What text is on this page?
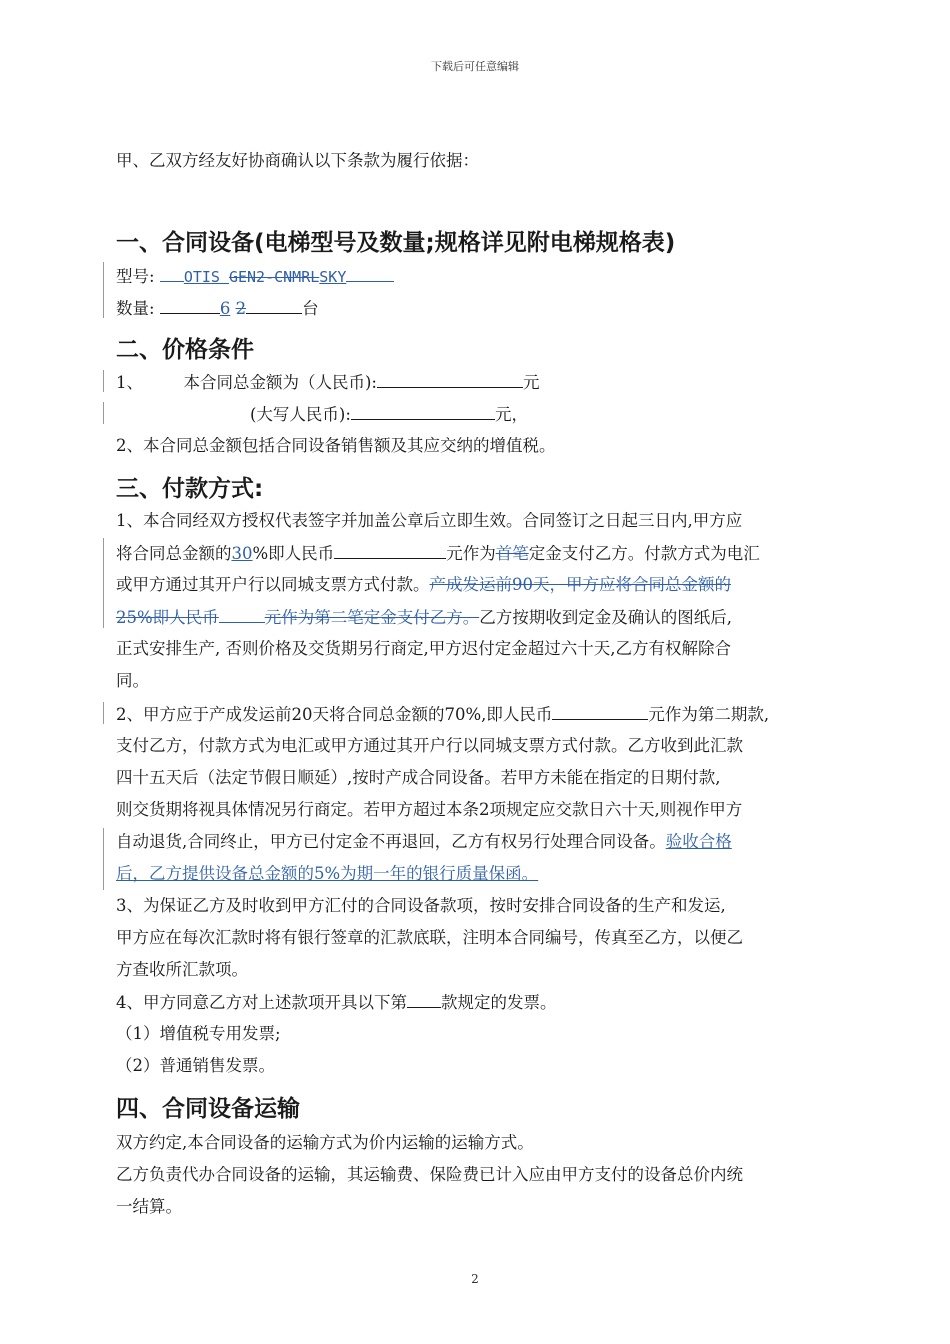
下载后可任意编辑
甲、乙双方经友好协商确认以下条款为履行依据：
一、合同设备(电梯型号及数量;规格详见附电梯规格表)
型号: OTIS GEN2-CNMRLSKY
数量:	6 2	台
二、价格条件
1、 本合同总金额为（人民币):	元
(大写人民币):	元，
2、本合同总金额包括合同设备销售额及其应交纳的增值税。
三、付款方式:
1、本合同经双方授权代表签字并加盖公章后立即生效。合同签订之日起三日内,甲方应
将合同总金额的30%即人民币	元作为首笔定金支付乙方。付款方式为电汇
或甲方通过其开户行以同城支票方式付款。产成发运前90天，甲方应将合同总金额的
25%即人民币	元作为第二笔定金支付乙方。乙方按期收到定金及确认的图纸后,
正式安排生产, 否则价格及交货期另行商定,甲方迟付定金超过六十天,乙方有权解除合
同。
2、甲方应于产成发运前20天将合同总金额的70%,即人民币	元作为第二期款,
支付乙方，付款方式为电汇或甲方通过其开户行以同城支票方式付款。乙方收到此汇款
四十五天后（法定节假日顺延）,按时产成合同设备。若甲方未能在指定的日期付款,
则交货期将视具体情况另行商定。若甲方超过本条2项规定应交款日六十天,则视作甲方
自动退货,合同终止，甲方已付定金不再退回，乙方有权另行处理合同设备。验收合格
后，乙方提供设备总金额的5%为期一年的银行质量保函。
3、为保证乙方及时收到甲方汇付的合同设备款项，按时安排合同设备的生产和发运,
甲方应在每次汇款时将有银行签章的汇款底联，注明本合同编号，传真至乙方，以便乙
方查收所汇款项。
4、甲方同意乙方对上述款项开具以下第 款规定的发票。
（1）增值税专用发票;
（2）普通销售发票。
四、合同设备运输
双方约定,本合同设备的运输方式为价内运输的运输方式。
乙方负责代办合同设备的运输，其运输费、保险费已计入应由甲方支付的设备总价内统
一结算。
2
